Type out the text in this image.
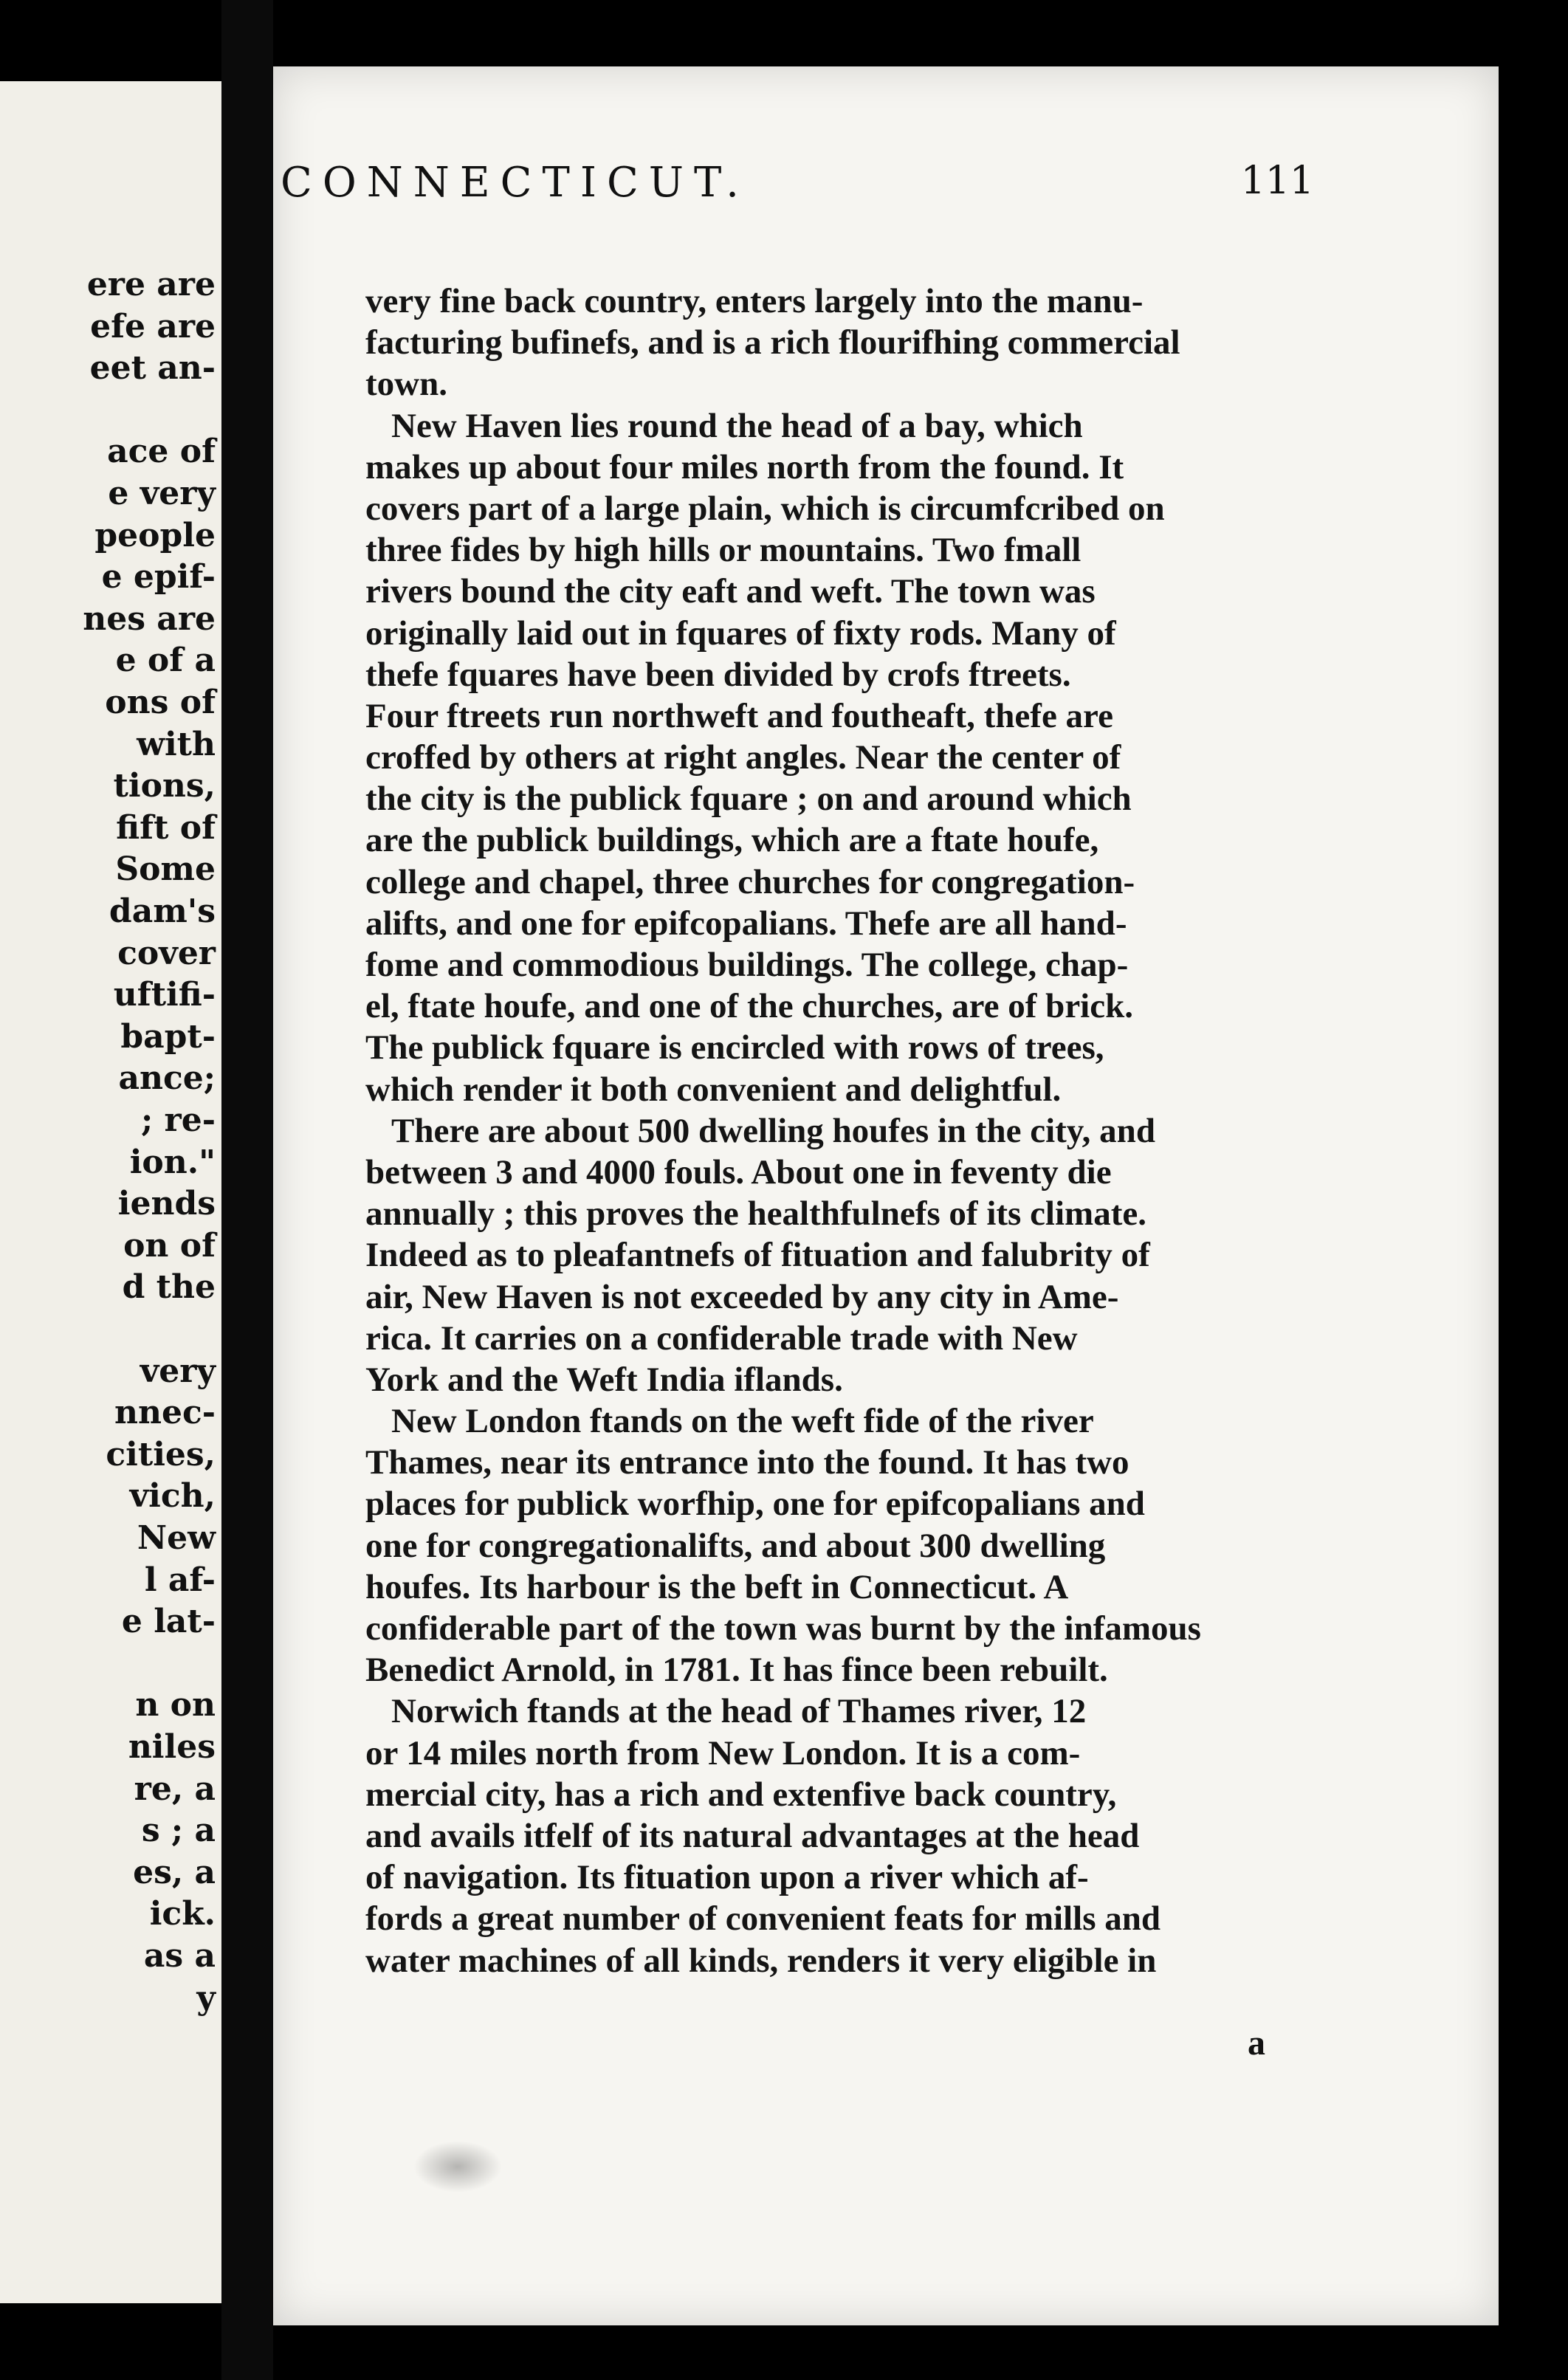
ere are
efe are
eet an-
ace of
e very
people
e epif-
nes are
e of a
ons of
with
tions,
fift of
Some
dam's
cover
uftifi-
bapt-
ance;
; re-
ion."
iends
on of
d the
very
nnec-
cities,
vich,
New
l af-
e lat-
n on
niles
re, a
s ; a
es, a
ick.
as a
y
CONNECTICUT.	111
very fine back country, enters largely into the manu-
facturing bufinefs, and is a rich flourifhing commercial
town.
New Haven lies round the head of a bay, which
makes up about four miles north from the found. It
covers part of a large plain, which is circumfcribed on
three fides by high hills or mountains. Two fmall
rivers bound the city eaft and weft. The town was
originally laid out in fquares of fixty rods. Many of
thefe fquares have been divided by crofs ftreets.
Four ftreets run northweft and foutheaft, thefe are
croffed by others at right angles. Near the center of
the city is the publick fquare ; on and around which
are the publick buildings, which are a ftate houfe,
college and chapel, three churches for congregation-
alifts, and one for epifcopalians. Thefe are all hand-
fome and commodious buildings. The college, chap-
el, ftate houfe, and one of the churches, are of brick.
The publick fquare is encircled with rows of trees,
which render it both convenient and delightful.
There are about 500 dwelling houfes in the city, and
between 3 and 4000 fouls. About one in feventy die
annually ; this proves the healthfulnefs of its climate.
Indeed as to pleafantnefs of fituation and falubrity of
air, New Haven is not exceeded by any city in Ame-
rica. It carries on a confiderable trade with New
York and the Weft India iflands.
New London ftands on the weft fide of the river
Thames, near its entrance into the found. It has two
places for publick worfhip, one for epifcopalians and
one for congregationalifts, and about 300 dwelling
houfes. Its harbour is the beft in Connecticut. A
confiderable part of the town was burnt by the infamous
Benedict Arnold, in 1781. It has fince been rebuilt.
Norwich ftands at the head of Thames river, 12
or 14 miles north from New London. It is a com-
mercial city, has a rich and extenfive back country,
and avails itfelf of its natural advantages at the head
of navigation. Its fituation upon a river which af-
fords a great number of convenient feats for mills and
water machines of all kinds, renders it very eligible in
a
